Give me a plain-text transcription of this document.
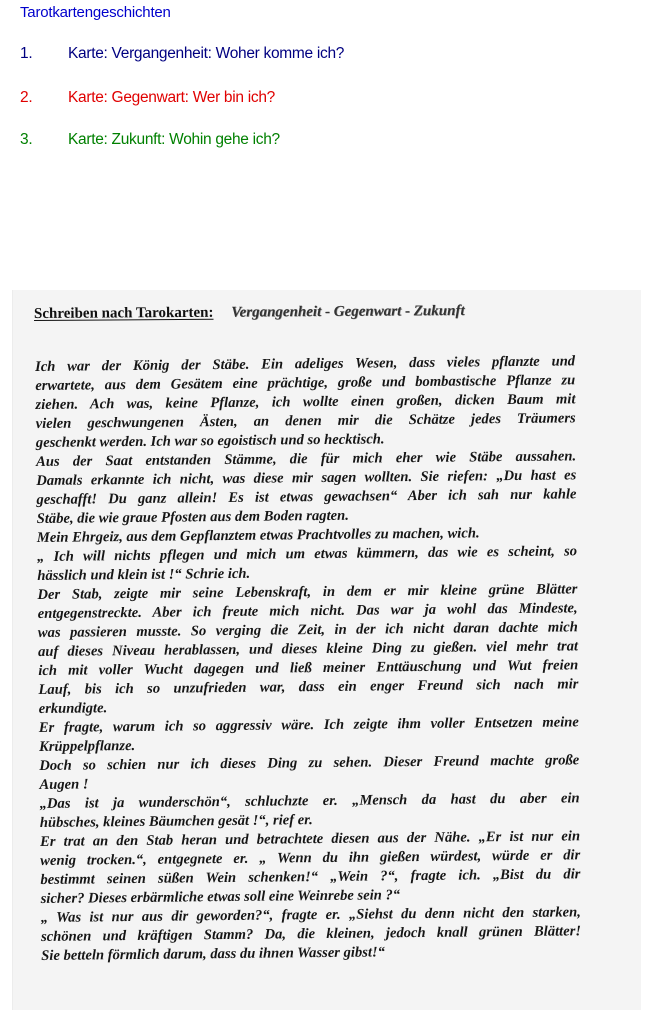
Tarotkartengeschichten
1. Karte: Vergangenheit: Woher komme ich?
2. Karte: Gegenwart: Wer bin ich?
3. Karte: Zukunft: Wohin gehe ich?
Schreiben nach Tarokarten: Vergangenheit - Gegenwart - Zukunft
Ich war der König der Stäbe. Ein adeliges Wesen, dass vieles pflanzte und
erwartete, aus dem Gesätem eine prächtige, große und bombastische Pflanze zu
ziehen. Ach was, keine Pflanze, ich wollte einen großen, dicken Baum mit
vielen geschwungenen Ästen, an denen mir die Schätze jedes Träumers
geschenkt werden. Ich war so egoistisch und so hecktisch.
Aus der Saat entstanden Stämme, die für mich eher wie Stäbe aussahen.
Damals erkannte ich nicht, was diese mir sagen wollten. Sie riefen: „Du hast es
geschafft! Du ganz allein! Es ist etwas gewachsen“ Aber ich sah nur kahle
Stäbe, die wie graue Pfosten aus dem Boden ragten.
Mein Ehrgeiz, aus dem Gepflanztem etwas Prachtvolles zu machen, wich.
„ Ich will nichts pflegen und mich um etwas kümmern, das wie es scheint, so
hässlich und klein ist !“ Schrie ich.
Der Stab, zeigte mir seine Lebenskraft, in dem er mir kleine grüne Blätter
entgegenstreckte. Aber ich freute mich nicht. Das war ja wohl das Mindeste,
was passieren musste. So verging die Zeit, in der ich nicht daran dachte mich
auf dieses Niveau herablassen, und dieses kleine Ding zu gießen. viel mehr trat
ich mit voller Wucht dagegen und ließ meiner Enttäuschung und Wut freien
Lauf, bis ich so unzufrieden war, dass ein enger Freund sich nach mir
erkundigte.
Er fragte, warum ich so aggressiv wäre. Ich zeigte ihm voller Entsetzen meine
Krüppelpflanze.
Doch so schien nur ich dieses Ding zu sehen. Dieser Freund machte große
Augen !
„Das ist ja wunderschön“, schluchzte er. „Mensch da hast du aber ein
hübsches, kleines Bäumchen gesät !“, rief er.
Er trat an den Stab heran und betrachtete diesen aus der Nähe. „Er ist nur ein
wenig trocken.“, entgegnete er. „ Wenn du ihn gießen würdest, würde er dir
bestimmt seinen süßen Wein schenken!“ „Wein ?“, fragte ich. „Bist du dir
sicher? Dieses erbärmliche etwas soll eine Weinrebe sein ?“
„ Was ist nur aus dir geworden?“, fragte er. „Siehst du denn nicht den starken,
schönen und kräftigen Stamm? Da, die kleinen, jedoch knall grünen Blätter!
Sie betteln förmlich darum, dass du ihnen Wasser gibst!“
